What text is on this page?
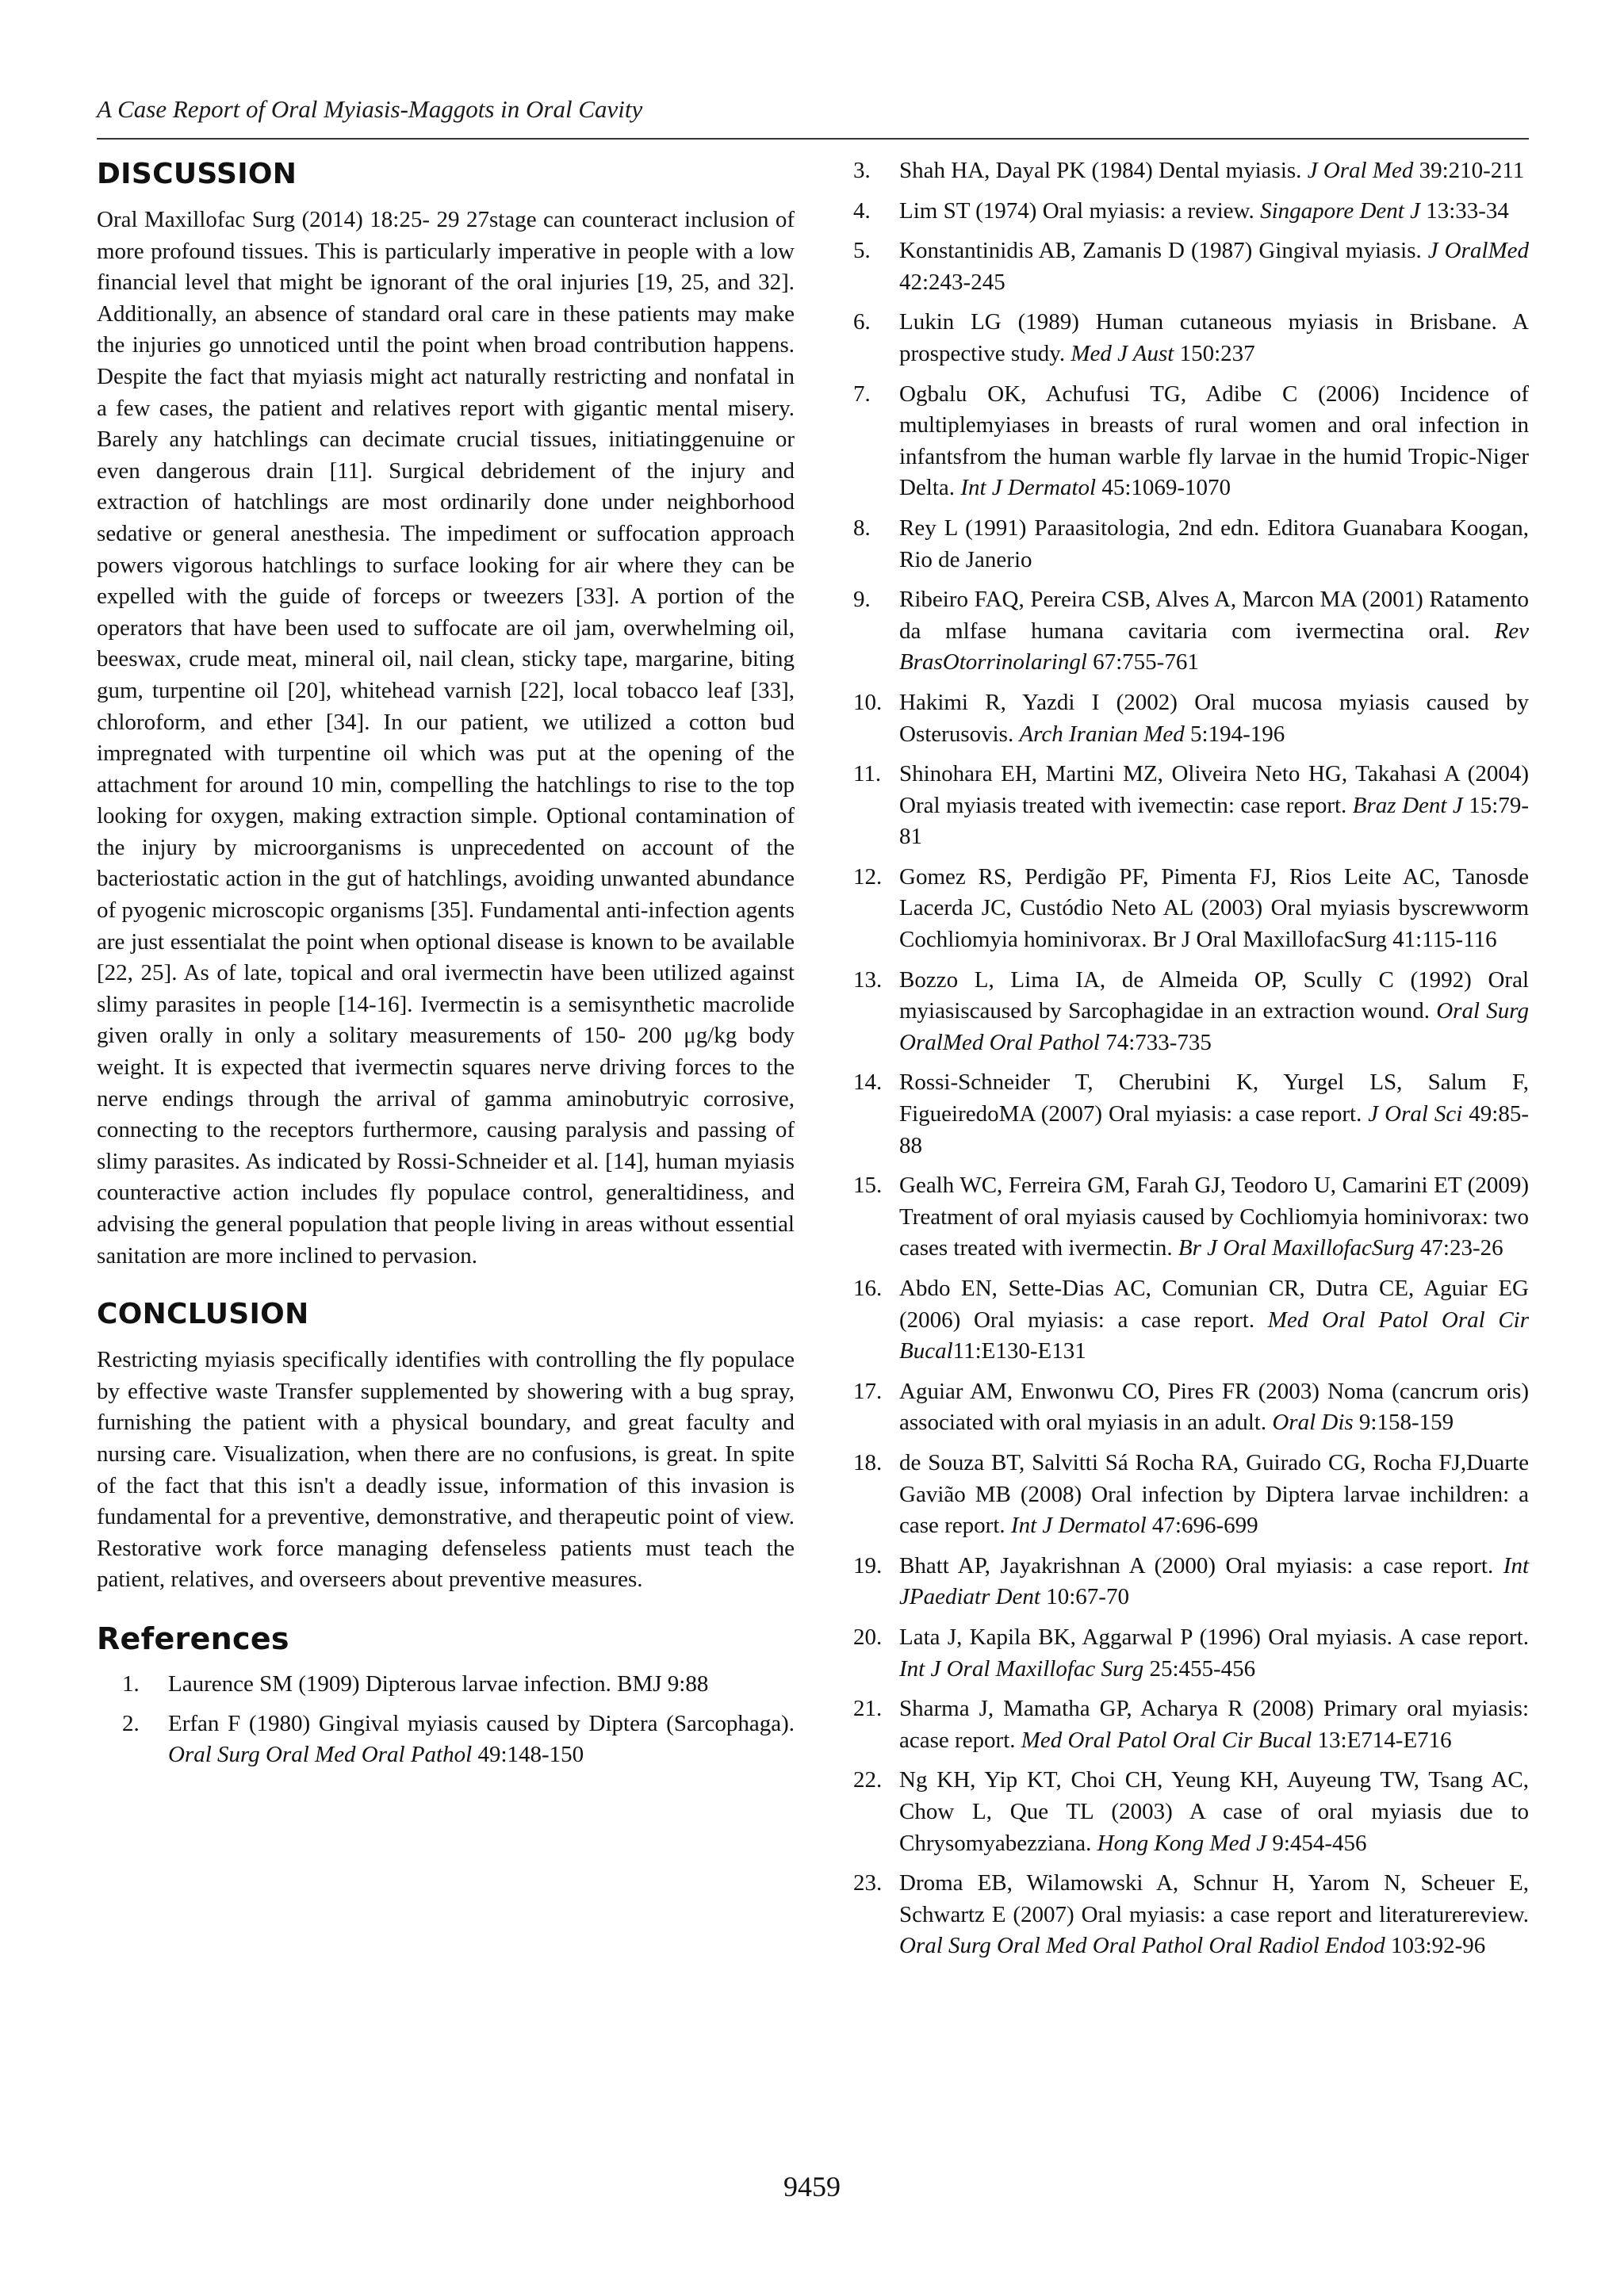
A Case Report of Oral Myiasis-Maggots in Oral Cavity
DISCUSSION

Oral Maxillofac Surg (2014) 18:25- 29 27stage can counteract inclusion of more profound tissues. This is particularly imperative in people with a low financial level that might be ignorant of the oral injuries [19, 25, and 32]. Additionally, an absence of standard oral care in these patients may make the injuries go unnoticed until the point when broad contribution happens. Despite the fact that myiasis might act naturally restricting and nonfatal in a few cases, the patient and relatives report with gigantic mental misery. Barely any hatchlings can decimate crucial tissues, initiatinggenuine or even dangerous drain [11]. Surgical debridement of the injury and extraction of hatchlings are most ordinarily done under neighborhood sedative or general anesthesia. The impediment or suffocation approach powers vigorous hatchlings to surface looking for air where they can be expelled with the guide of forceps or tweezers [33]. A portion of the operators that have been used to suffocate are oil jam, overwhelming oil, beeswax, crude meat, mineral oil, nail clean, sticky tape, margarine, biting gum, turpentine oil [20], whitehead varnish [22], local tobacco leaf [33], chloroform, and ether [34]. In our patient, we utilized a cotton bud impregnated with turpentine oil which was put at the opening of the attachment for around 10 min, compelling the hatchlings to rise to the top looking for oxygen, making extraction simple. Optional contamination of the injury by microorganisms is unprecedented on account of the bacteriostatic action in the gut of hatchlings, avoiding unwanted abundance of pyogenic microscopic organisms [35]. Fundamental anti-infection agents are just essentialat the point when optional disease is known to be available [22, 25]. As of late, topical and oral ivermectin have been utilized against slimy parasites in people [14-16]. Ivermectin is a semisynthetic macrolide given orally in only a solitary measurements of 150- 200 μg/kg body weight. It is expected that ivermectin squares nerve driving forces to the nerve endings through the arrival of gamma aminobutryic corrosive, connecting to the receptors furthermore, causing paralysis and passing of slimy parasites. As indicated by Rossi-Schneider et al. [14], human myiasis counteractive action includes fly populace control, generaltidiness, and advising the general population that people living in areas without essential sanitation are more inclined to pervasion.

CONCLUSION

Restricting myiasis specifically identifies with controlling the fly populace by effective waste Transfer supplemented by showering with a bug spray, furnishing the patient with a physical boundary, and great faculty and nursing care. Visualization, when there are no confusions, is great. In spite of the fact that this isn't a deadly issue, information of this invasion is fundamental for a preventive, demonstrative, and therapeutic point of view. Restorative work force managing defenseless patients must teach the patient, relatives, and overseers about preventive measures.

References
1.	Laurence SM (1909) Dipterous larvae infection. BMJ 9:88
2.	Erfan F (1980) Gingival myiasis caused by Diptera (Sarcophaga). Oral Surg Oral Med Oral Pathol 49:148-150
3.	Shah HA, Dayal PK (1984) Dental myiasis. J Oral Med 39:210-211
4.	Lim ST (1974) Oral myiasis: a review. Singapore Dent J 13:33-34
5.	Konstantinidis AB, Zamanis D (1987) Gingival myiasis. J OralMed 42:243-245
6.	Lukin LG (1989) Human cutaneous myiasis in Brisbane. A prospective study. Med J Aust 150:237
7.	Ogbalu OK, Achufusi TG, Adibe C (2006) Incidence of multiplemyiases in breasts of rural women and oral infection in infantsfrom the human warble fly larvae in the humid Tropic-Niger Delta. Int J Dermatol 45:1069-1070
8.	Rey L (1991) Paraasitologia, 2nd edn. Editora Guanabara Koogan, Rio de Janerio
9.	Ribeiro FAQ, Pereira CSB, Alves A, Marcon MA (2001) Ratamento da mlfase humana cavitaria com ivermectina oral. Rev BrasOtorrinolaringl 67:755-761
10. Hakimi R, Yazdi I (2002) Oral mucosa myiasis caused by Osterusovis. Arch Iranian Med 5:194-196
11. Shinohara EH, Martini MZ, Oliveira Neto HG, Takahasi A (2004) Oral myiasis treated with ivemectin: case report. Braz Dent J 15:79-81
12. Gomez RS, Perdigão PF, Pimenta FJ, Rios Leite AC, Tanosde Lacerda JC, Custódio Neto AL (2003) Oral myiasis byscrewworm Cochliomyia hominivorax. Br J Oral MaxillofacSurg 41:115-116
13. Bozzo L, Lima IA, de Almeida OP, Scully C (1992) Oral myiasiscaused by Sarcophagidae in an extraction wound. Oral Surg OralMed Oral Pathol 74:733-735
14. Rossi-Schneider T, Cherubini K, Yurgel LS, Salum F, FigueiredoMA (2007) Oral myiasis: a case report. J Oral Sci 49:85-88
15. Gealh WC, Ferreira GM, Farah GJ, Teodoro U, Camarini ET (2009) Treatment of oral myiasis caused by Cochliomyia hominivorax: two cases treated with ivermectin. Br J Oral MaxillofacSurg 47:23-26
16. Abdo EN, Sette-Dias AC, Comunian CR, Dutra CE, Aguiar EG (2006) Oral myiasis: a case report. Med Oral Patol Oral Cir Bucal11:E130-E131
17. Aguiar AM, Enwonwu CO, Pires FR (2003) Noma (cancrum oris) associated with oral myiasis in an adult. Oral Dis 9:158-159
18. de Souza BT, Salvitti Sá Rocha RA, Guirado CG, Rocha FJ,Duarte Gavião MB (2008) Oral infection by Diptera larvae inchildren: a case report. Int J Dermatol 47:696-699
19. Bhatt AP, Jayakrishnan A (2000) Oral myiasis: a case report. Int JPaediatr Dent 10:67-70
20. Lata J, Kapila BK, Aggarwal P (1996) Oral myiasis. A case report. Int J Oral Maxillofac Surg 25:455-456
21. Sharma J, Mamatha GP, Acharya R (2008) Primary oral myiasis: acase report. Med Oral Patol Oral Cir Bucal 13:E714-E716
22. Ng KH, Yip KT, Choi CH, Yeung KH, Auyeung TW, Tsang AC, Chow L, Que TL (2003) A case of oral myiasis due to Chrysomyabezziana. Hong Kong Med J 9:454-456
23. Droma EB, Wilamowski A, Schnur H, Yarom N, Scheuer E, Schwartz E (2007) Oral myiasis: a case report and literaturereview. Oral Surg Oral Med Oral Pathol Oral Radiol Endod 103:92-96
9459
